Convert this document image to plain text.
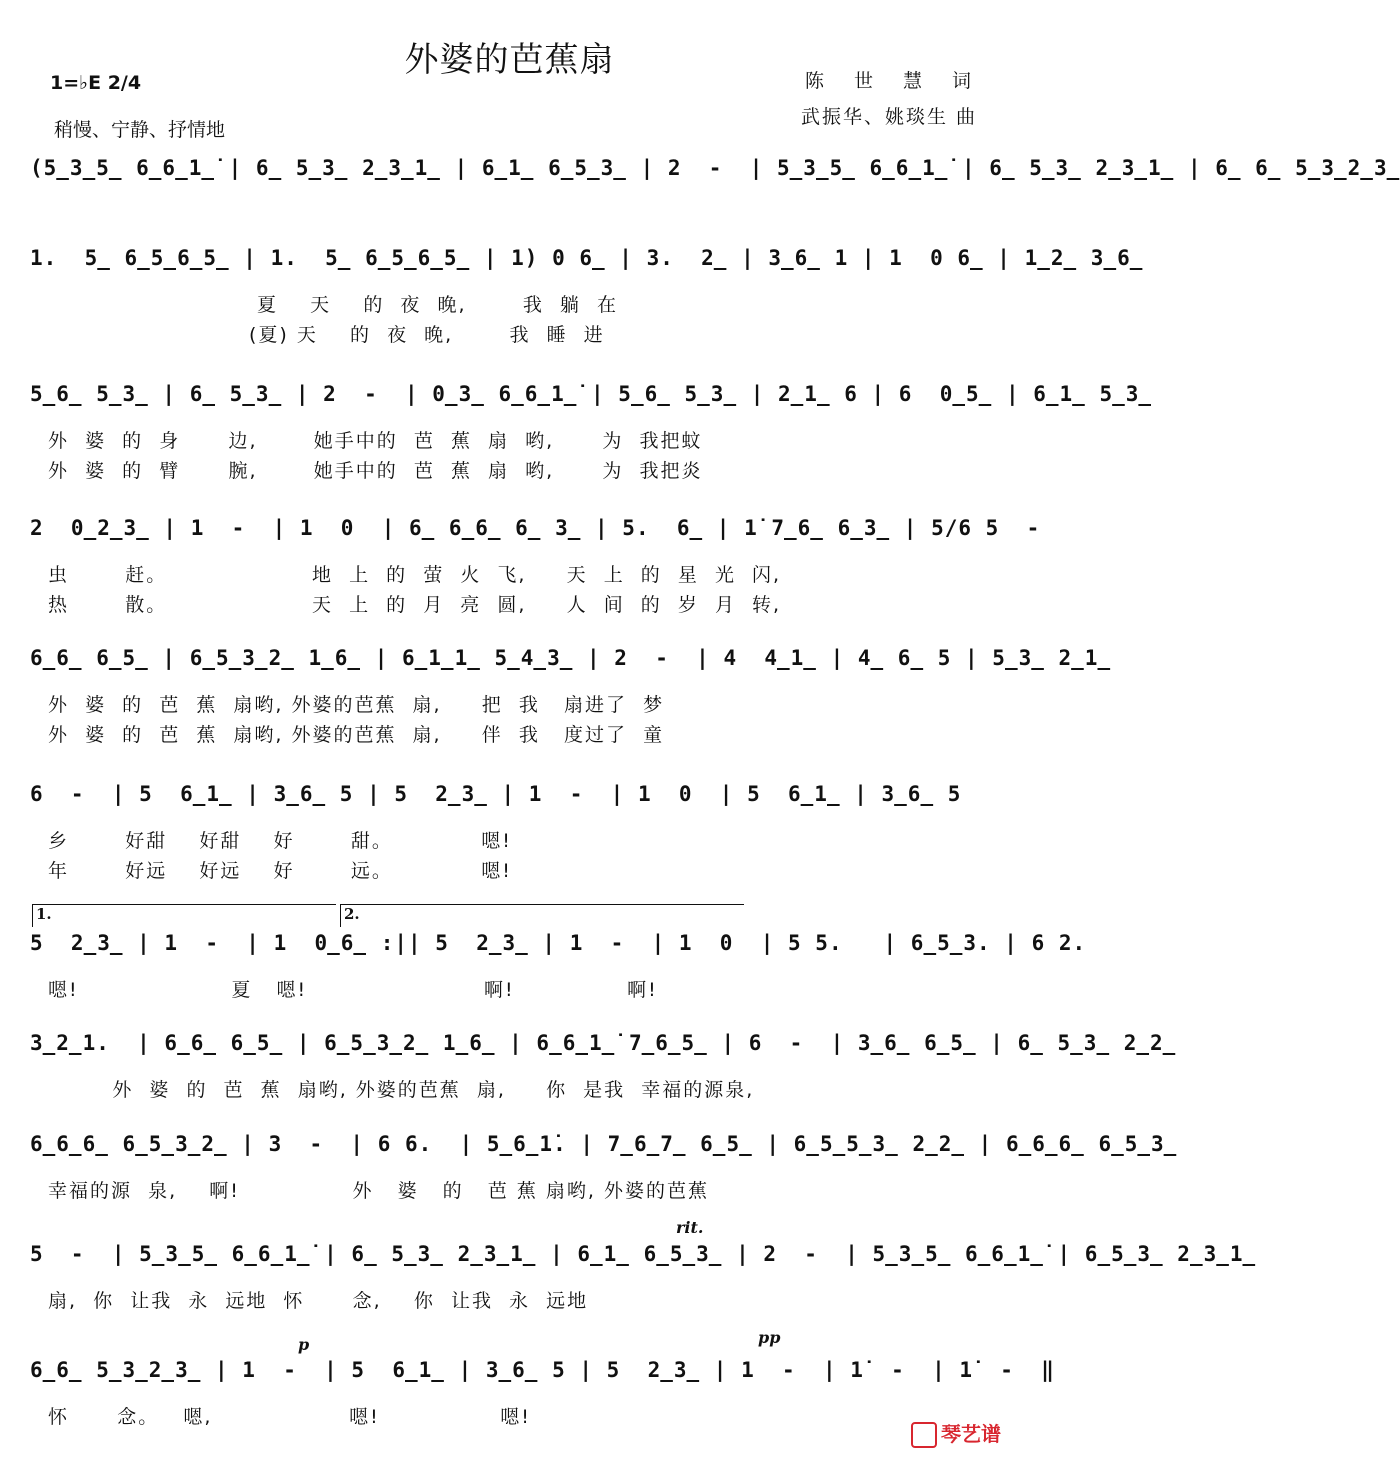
外婆的芭蕉扇
1=♭E 2/4
稍慢、宁静、抒情地
陈世慧词
武振华、姚琰生 曲
(5̲3̲5̲ 6̲6̲1̲̇ | 6̲ 5̲3̲ 2̲3̲1̲ | 6̲1̲ 6̲5̲3̲ | 2  -  | 5̲3̲5̲ 6̲6̲1̲̇ | 6̲ 5̲3̲ 2̲3̲1̲ | 6̲ 6̲ 5̲3̲2̲3̲
1.  5̲ 6̲5̲6̲5̲ | 1.  5̲ 6̲5̲6̲5̲ | 1) 0 6̲ | 3.  2̲ | 3̲6̲ 1 | 1  0 6̲ | 1̲2̲ 3̲6̲
夏    天    的  夜  晚,       我  躺  在
(夏) 天    的  夜  晚,       我  睡  进
5̲6̲ 5̲3̲ | 6̲ 5̲3̲ | 2  -  | 0̲3̲ 6̲6̲1̲̇ | 5̲6̲ 5̲3̲ | 2̲1̲ 6 | 6  0̲5̲ | 6̲1̲ 5̲3̲
外  婆  的  身      边,       她手中的  芭  蕉  扇  哟,      为  我把蚊
外  婆  的  臂      腕,       她手中的  芭  蕉  扇  哟,      为  我把炎
2  0̲2̲3̲ | 1  -  | 1  0  | 6̲ 6̲6̲ 6̲ 3̲ | 5.  6̲ | 1̇ 7̲6̲ 6̲3̲ | 5/6 5  -
虫       赶。                  地  上  的  萤  火  飞,     天  上  的  星  光  闪,
热       散。                  天  上  的  月  亮  圆,     人  间  的  岁  月  转,
6̲6̲ 6̲5̲ | 6̲5̲3̲2̲ 1̲6̲ | 6̲1̲1̲ 5̲4̲3̲ | 2  -  | 4  4̲1̲ | 4̲ 6̲ 5 | 5̲3̲ 2̲1̲
外  婆  的  芭  蕉  扇哟, 外婆的芭蕉  扇,     把  我   扇进了  梦
外  婆  的  芭  蕉  扇哟, 外婆的芭蕉  扇,     伴  我   度过了  童
6  -  | 5  6̲1̲ | 3̲6̲ 5 | 5  2̲3̲ | 1  -  | 1  0  | 5  6̲1̲ | 3̲6̲ 5
乡       好甜    好甜    好       甜。           嗯!
年       好远    好远    好       远。           嗯!
5  2̲3̲ | 1  -  | 1  0̲6̲ :|| 5  2̲3̲ | 1  -  | 1  0  | 5 5.   | 6̲5̲3. | 6 2.
嗯!                   夏   嗯!                      啊!              啊!
3̲2̲1.  | 6̲6̲ 6̲5̲ | 6̲5̲3̲2̲ 1̲6̲ | 6̲6̲1̲̇ 7̲6̲5̲ | 6  -  | 3̲6̲ 6̲5̲ | 6̲ 5̲3̲ 2̲2̲
外  婆  的  芭  蕉  扇哟, 外婆的芭蕉  扇,     你  是我  幸福的源泉,
6̲6̲6̲ 6̲5̲3̲2̲ | 3  -  | 6 6.  | 5̲6̲1̇. | 7̲6̲7̲ 6̲5̲ | 6̲5̲5̲3̲ 2̲2̲ | 6̲6̲6̲ 6̲5̲3̲
幸福的源  泉,    啊!              外   婆   的   芭 蕉 扇哟, 外婆的芭蕉
5  -  | 5̲3̲5̲ 6̲6̲1̲̇ | 6̲ 5̲3̲ 2̲3̲1̲ | 6̲1̲ 6̲5̲3̲ | 2  -  | 5̲3̲5̲ 6̲6̲1̲̇ | 6̲5̲3̲ 2̲3̲1̲
扇,  你  让我  永  远地  怀      念,    你  让我  永  远地
6̲6̲ 5̲3̲2̲3̲ | 1  -  | 5  6̲1̲ | 3̲6̲ 5 | 5  2̲3̲ | 1  -  | 1̇  -  | 1̇  -  ‖
怀      念。   嗯,                 嗯!               嗯!
rit.
p	pp
1.	2.
琴艺谱
